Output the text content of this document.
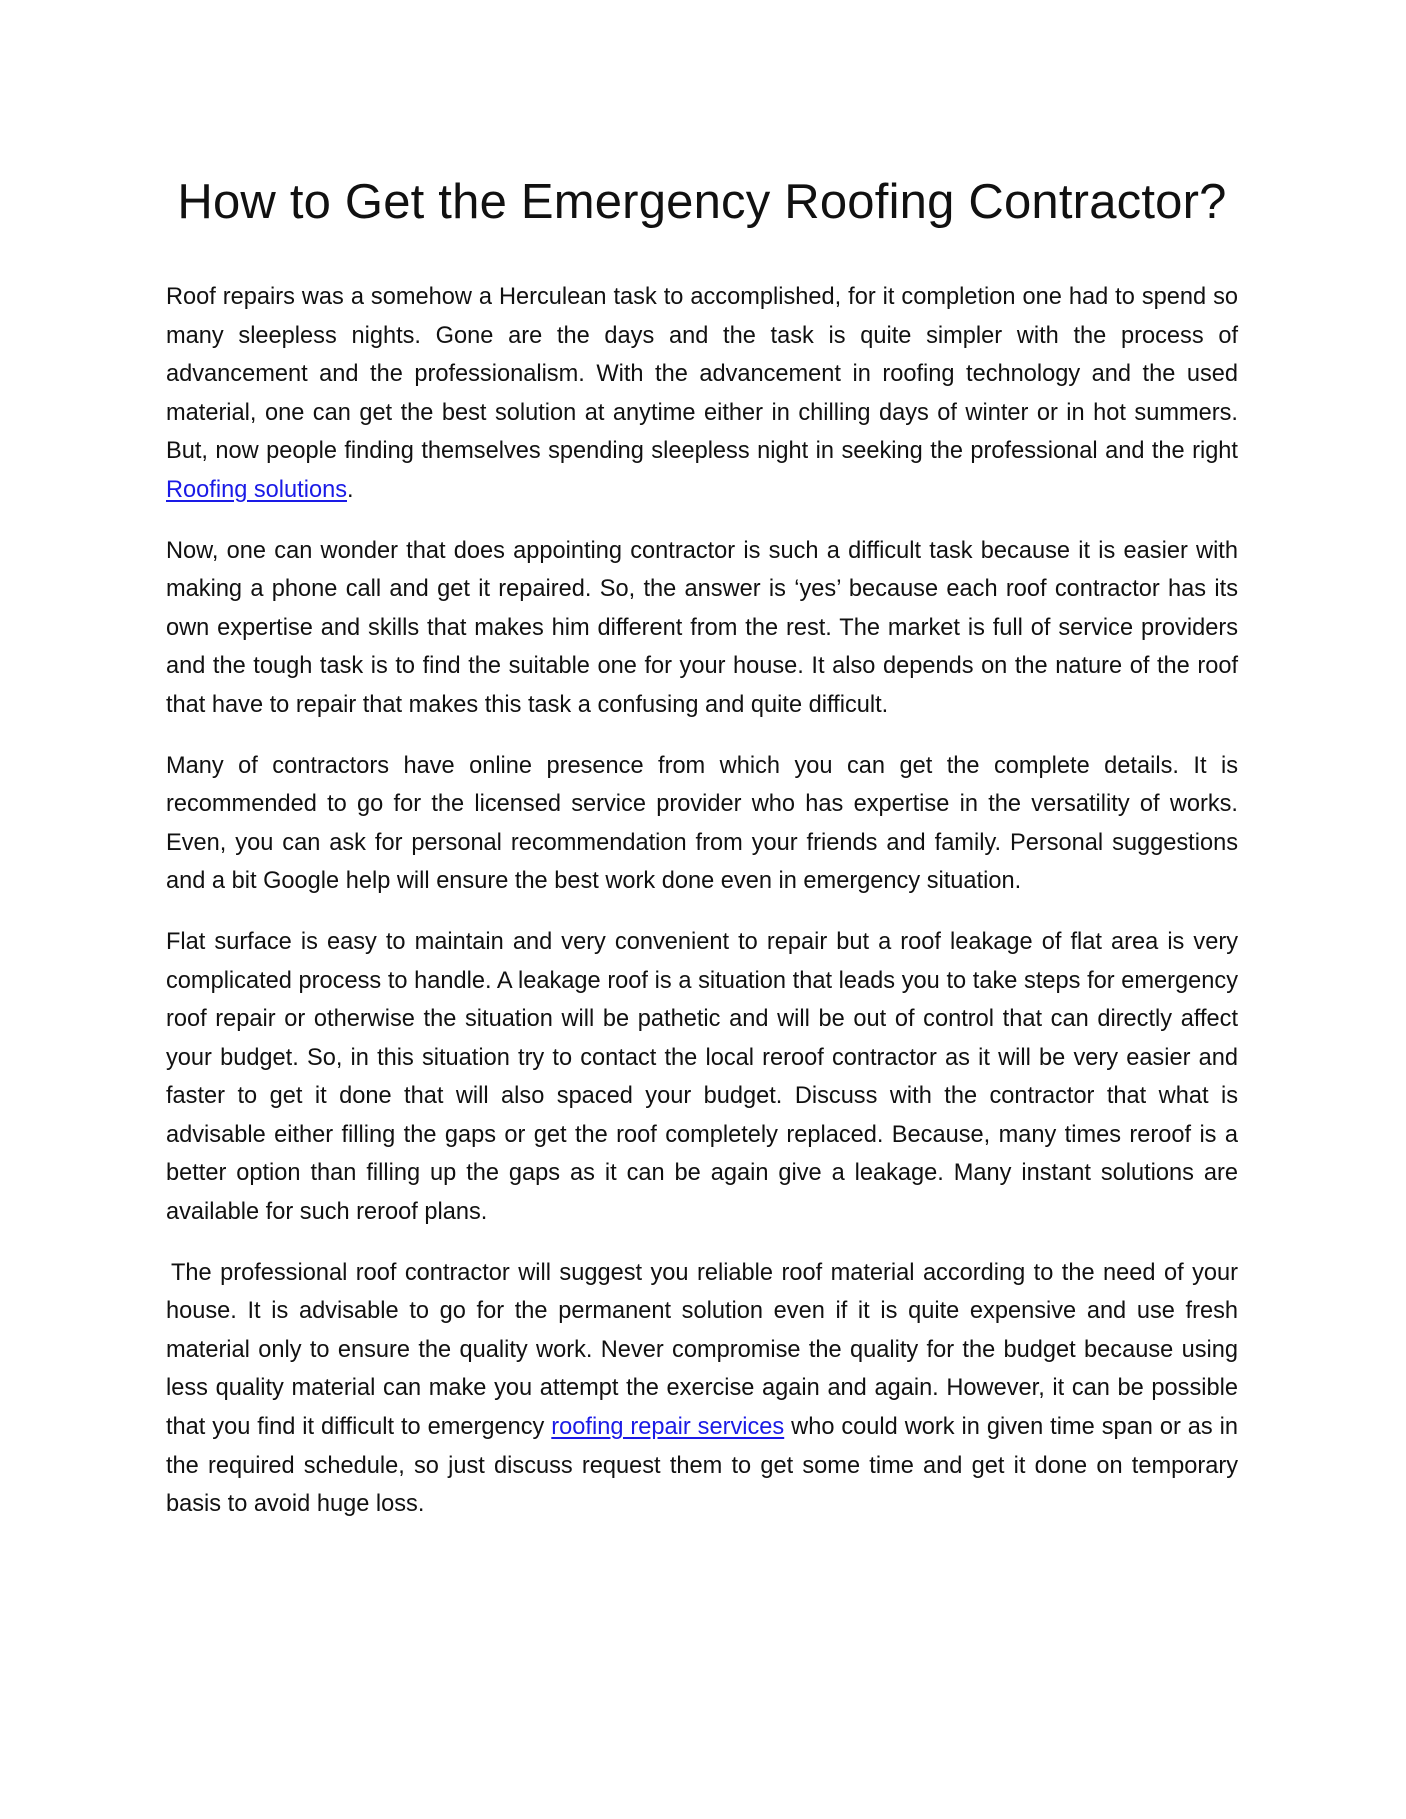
How to Get the Emergency Roofing Contractor?

Roof repairs was a somehow a Herculean task to accomplished, for it completion one had to spend so many sleepless nights. Gone are the days and the task is quite simpler with the process of advancement and the professionalism. With the advancement in roofing technology and the used material, one can get the best solution at anytime either in chilling days of winter or in hot summers. But, now people finding themselves spending sleepless night in seeking the professional and the right Roofing solutions.

Now, one can wonder that does appointing contractor is such a difficult task because it is easier with making a phone call and get it repaired. So, the answer is ‘yes’ because each roof contractor has its own expertise and skills that makes him different from the rest. The market is full of service providers and the tough task is to find the suitable one for your house. It also depends on the nature of the roof that have to repair that makes this task a confusing and quite difficult.

Many of contractors have online presence from which you can get the complete details. It is recommended to go for the licensed service provider who has expertise in the versatility of works. Even, you can ask for personal recommendation from your friends and family. Personal suggestions and a bit Google help will ensure the best work done even in emergency situation.

Flat surface is easy to maintain and very convenient to repair but a roof leakage of flat area is very complicated process to handle. A leakage roof is a situation that leads you to take steps for emergency roof repair or otherwise the situation will be pathetic and will be out of control that can directly affect your budget. So, in this situation try to contact the local reroof contractor as it will be very easier and faster to get it done that will also spaced your budget. Discuss with the contractor that what is advisable either filling the gaps or get the roof completely replaced. Because, many times reroof is a better option than filling up the gaps as it can be again give a leakage. Many instant solutions are available for such reroof plans.

The professional roof contractor will suggest you reliable roof material according to the need of your house. It is advisable to go for the permanent solution even if it is quite expensive and use fresh material only to ensure the quality work. Never compromise the quality for the budget because using less quality material can make you attempt the exercise again and again. However, it can be possible that you find it difficult to emergency roofing repair services who could work in given time span or as in the required schedule, so just discuss request them to get some time and get it done on temporary basis to avoid huge loss.
